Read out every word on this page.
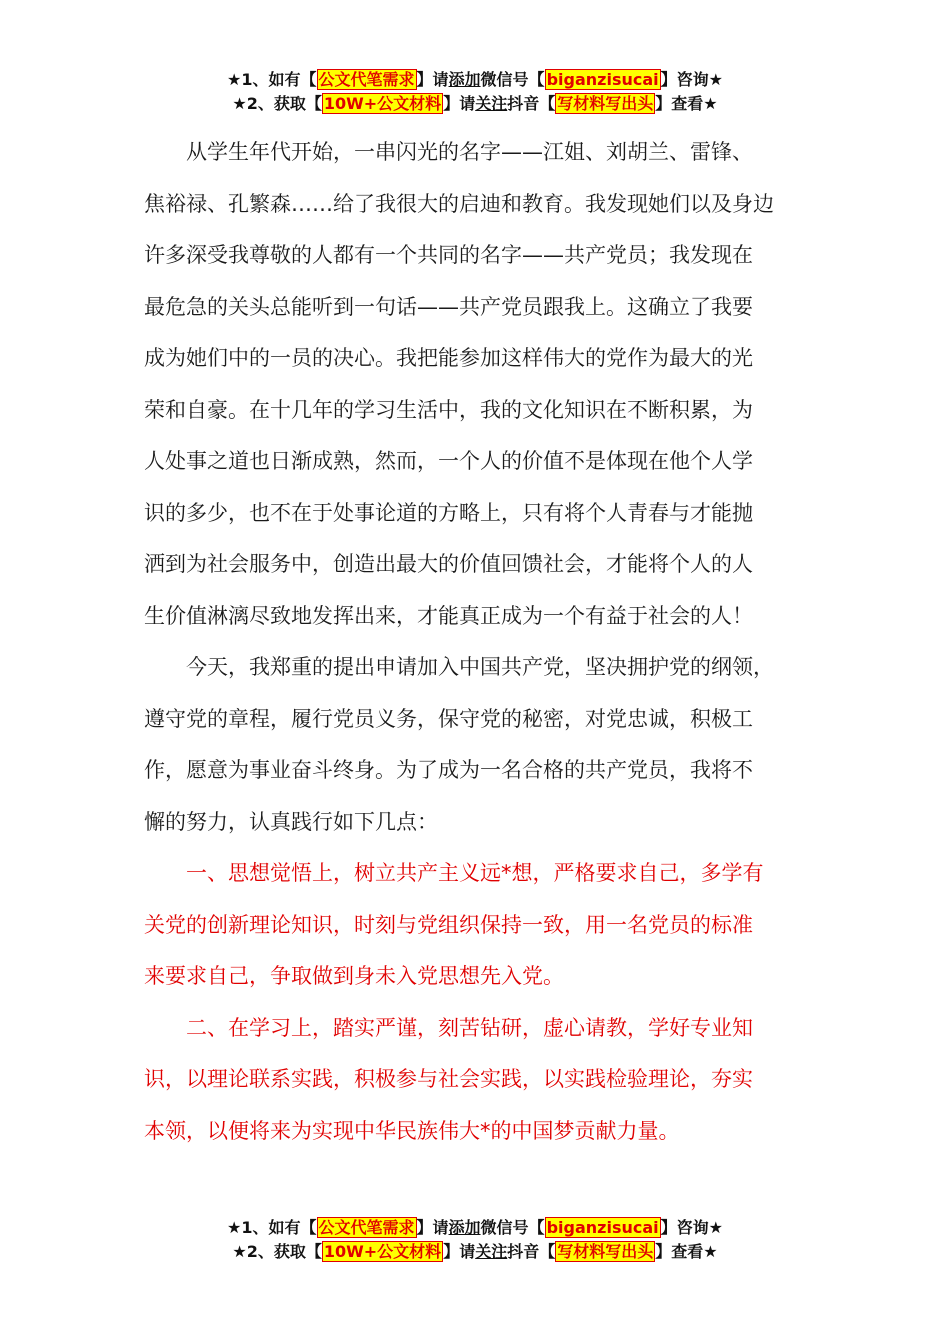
★1、如有【 公文代笔需求 】请添加微信号【 biganzisucai 】咨询★
★2、获取【 10W+公文材料 】请关注抖音【 写材料写出头 】查看★
　　从学生年代开始，一串闪光的名字——江姐、刘胡兰、雷锋、
焦裕禄、孔繁森……给了我很大的启迪和教育。我发现她们以及身边
许多深受我尊敬的人都有一个共同的名字——共产党员；我发现在
最危急的关头总能听到一句话——共产党员跟我上。这确立了我要
成为她们中的一员的决心。我把能参加这样伟大的党作为最大的光
荣和自豪。在十几年的学习生活中，我的文化知识在不断积累，为
人处事之道也日渐成熟，然而，一个人的价值不是体现在他个人学
识的多少，也不在于处事论道的方略上，只有将个人青春与才能抛
洒到为社会服务中，创造出最大的价值回馈社会，才能将个人的人
生价值淋漓尽致地发挥出来，才能真正成为一个有益于社会的人！
　　今天，我郑重的提出申请加入中国共产党，坚决拥护党的纲领，
遵守党的章程，履行党员义务，保守党的秘密，对党忠诚，积极工
作，愿意为事业奋斗终身。为了成为一名合格的共产党员，我将不
懈的努力，认真践行如下几点：
　　一、思想觉悟上，树立共产主义远*想，严格要求自己，多学有
关党的创新理论知识，时刻与党组织保持一致，用一名党员的标准
来要求自己，争取做到身未入党思想先入党。
　　二、在学习上，踏实严谨，刻苦钻研，虚心请教，学好专业知
识，以理论联系实践，积极参与社会实践，以实践检验理论，夯实
本领，以便将来为实现中华民族伟大*的中国梦贡献力量。
★1、如有【 公文代笔需求 】请添加微信号【 biganzisucai 】咨询★
★2、获取【 10W+公文材料 】请关注抖音【 写材料写出头 】查看★
